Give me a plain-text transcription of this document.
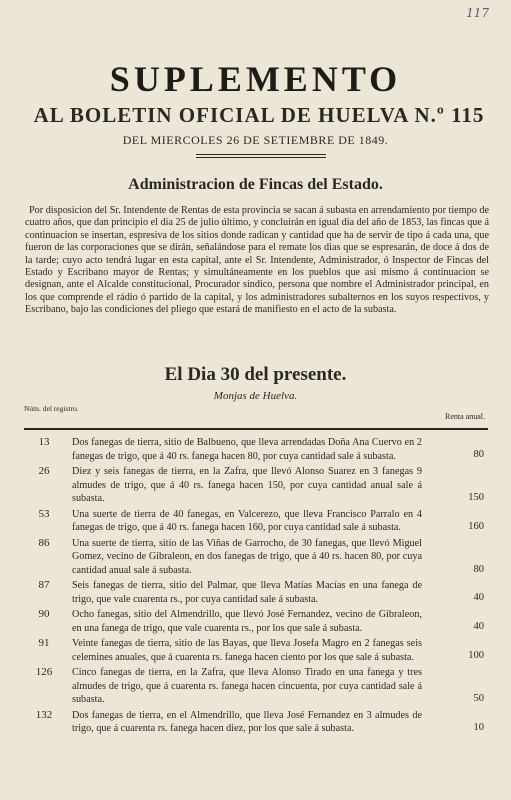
117
SUPLEMENTO
AL BOLETIN OFICIAL DE HUELVA N.º 115
DEL MIERCOLES 26 DE SETIEMBRE DE 1849.
Administracion de Fincas del Estado.
Por disposicion del Sr. Intendente de Rentas de esta provincia se sacan á subasta en arrendamiento por tiempo de cuatro años, que dan principio el dia 25 de julio último, y concluirán en igual dia del año de 1853, las fincas que á continuacion se insertan, espresiva de los sitios donde radican y cantidad que ha de servir de tipo á cada una, que fueron de las corporaciones que se dirán, señalándose para el remate los dias que se espresarán, de doce á dos de la tarde; cuyo acto tendrá lugar en esta capital, ante el Sr. Intendente, Administrador, ó Inspector de Fincas del Estado y Escribano mayor de Rentas; y simultáneamente en los pueblos que asi mismo á continuacion se designan, ante el Alcalde constitucional, Procurador síndico, persona que nombre el Administrador principal, en los que comprende el rádio ó partido de la capital, y los administradores subalternos en los suyos respectivos, y Escribano, bajo las condiciones del pliego que estará de manifiesto en el acto de la subasta.
El Dia 30 del presente.
Monjas de Huelva.
Núm. del registro.
Renta anual.
13	Dos fanegas de tierra, sitio de Balbueno, que lleva arrendadas Doña Ana Cuervo en 2 fanegas de trigo, que á 40 rs. fanega hacen 80, por cuya cantidad sale á subasta.	80
26	Diez y seis fanegas de tierra, en la Zafra, que llevó Alonso Suarez en 3 fanegas 9 almudes de trigo, que á 40 rs. fanega hacen 150, por cuya cantidad anual sale á subasta.	150
53	Una suerte de tierra de 40 fanegas, en Valcerezo, que lleva Francisco Parralo en 4 fanegas de trigo, que á 40 rs. fanega hacen 160, por cuya cantidad sale á subasta.	160
86	Una suerte de tierra, sitio de las Viñas de Garrocho, de 30 fanegas, que llevó Miguel Gomez, vecino de Gibraleon, en dos fanegas de trigo, que á 40 rs. hacen 80, por cuya cantidad anual sale á subasta.	80
87	Seis fanegas de tierra, sitio del Palmar, que lleva Matías Macías en una fanega de trigo, que vale cuarenta rs., por cuya cantidad sale á subasta.	40
90	Ocho fanegas, sitio del Almendrillo, que llevó José Fernandez, vecino de Gibraleon, en una fanega de trigo, que vale cuarenta rs., por los que sale á subasta.	40
91	Veinte fanegas de tierra, sitio de las Bayas, que lleva Josefa Magro en 2 fanegas seis celemines anuales, que á cuarenta rs. fanega hacen ciento por los que sale á subasta.	100
126	Cinco fanegas de tierra, en la Zafra, que lleva Alonso Tirado en una fanega y tres almudes de trigo, que á cuarenta rs. fanega hacen cincuenta, por cuya cantidad sale á subasta.	50
132	Dos fanegas de tierra, en el Almendrillo, que lleva José Fernandez en 3 almudes de trigo, que á cuarenta rs. fanega hacen diez, por los que sale á subasta.	10
